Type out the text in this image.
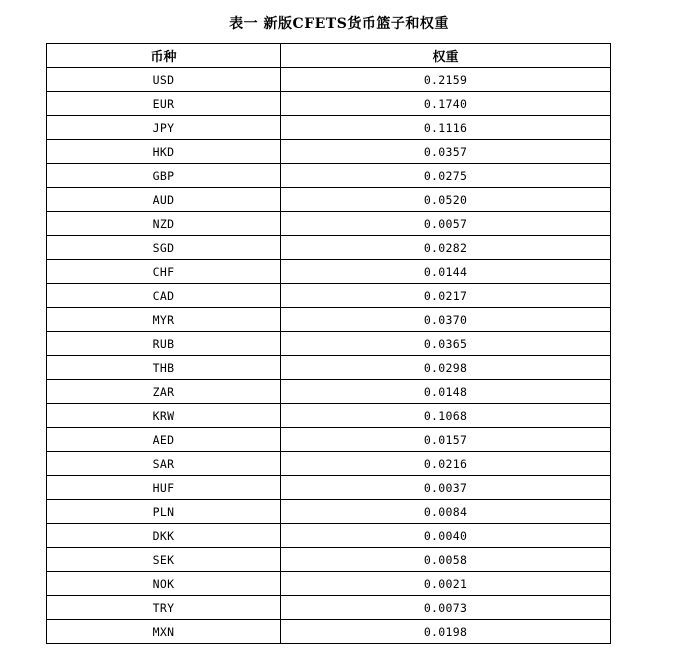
表一 新版CFETS货币篮子和权重
币种	权重
USD	0.2159
EUR	0.1740
JPY	0.1116
HKD	0.0357
GBP	0.0275
AUD	0.0520
NZD	0.0057
SGD	0.0282
CHF	0.0144
CAD	0.0217
MYR	0.0370
RUB	0.0365
THB	0.0298
ZAR	0.0148
KRW	0.1068
AED	0.0157
SAR	0.0216
HUF	0.0037
PLN	0.0084
DKK	0.0040
SEK	0.0058
NOK	0.0021
TRY	0.0073
MXN	0.0198
